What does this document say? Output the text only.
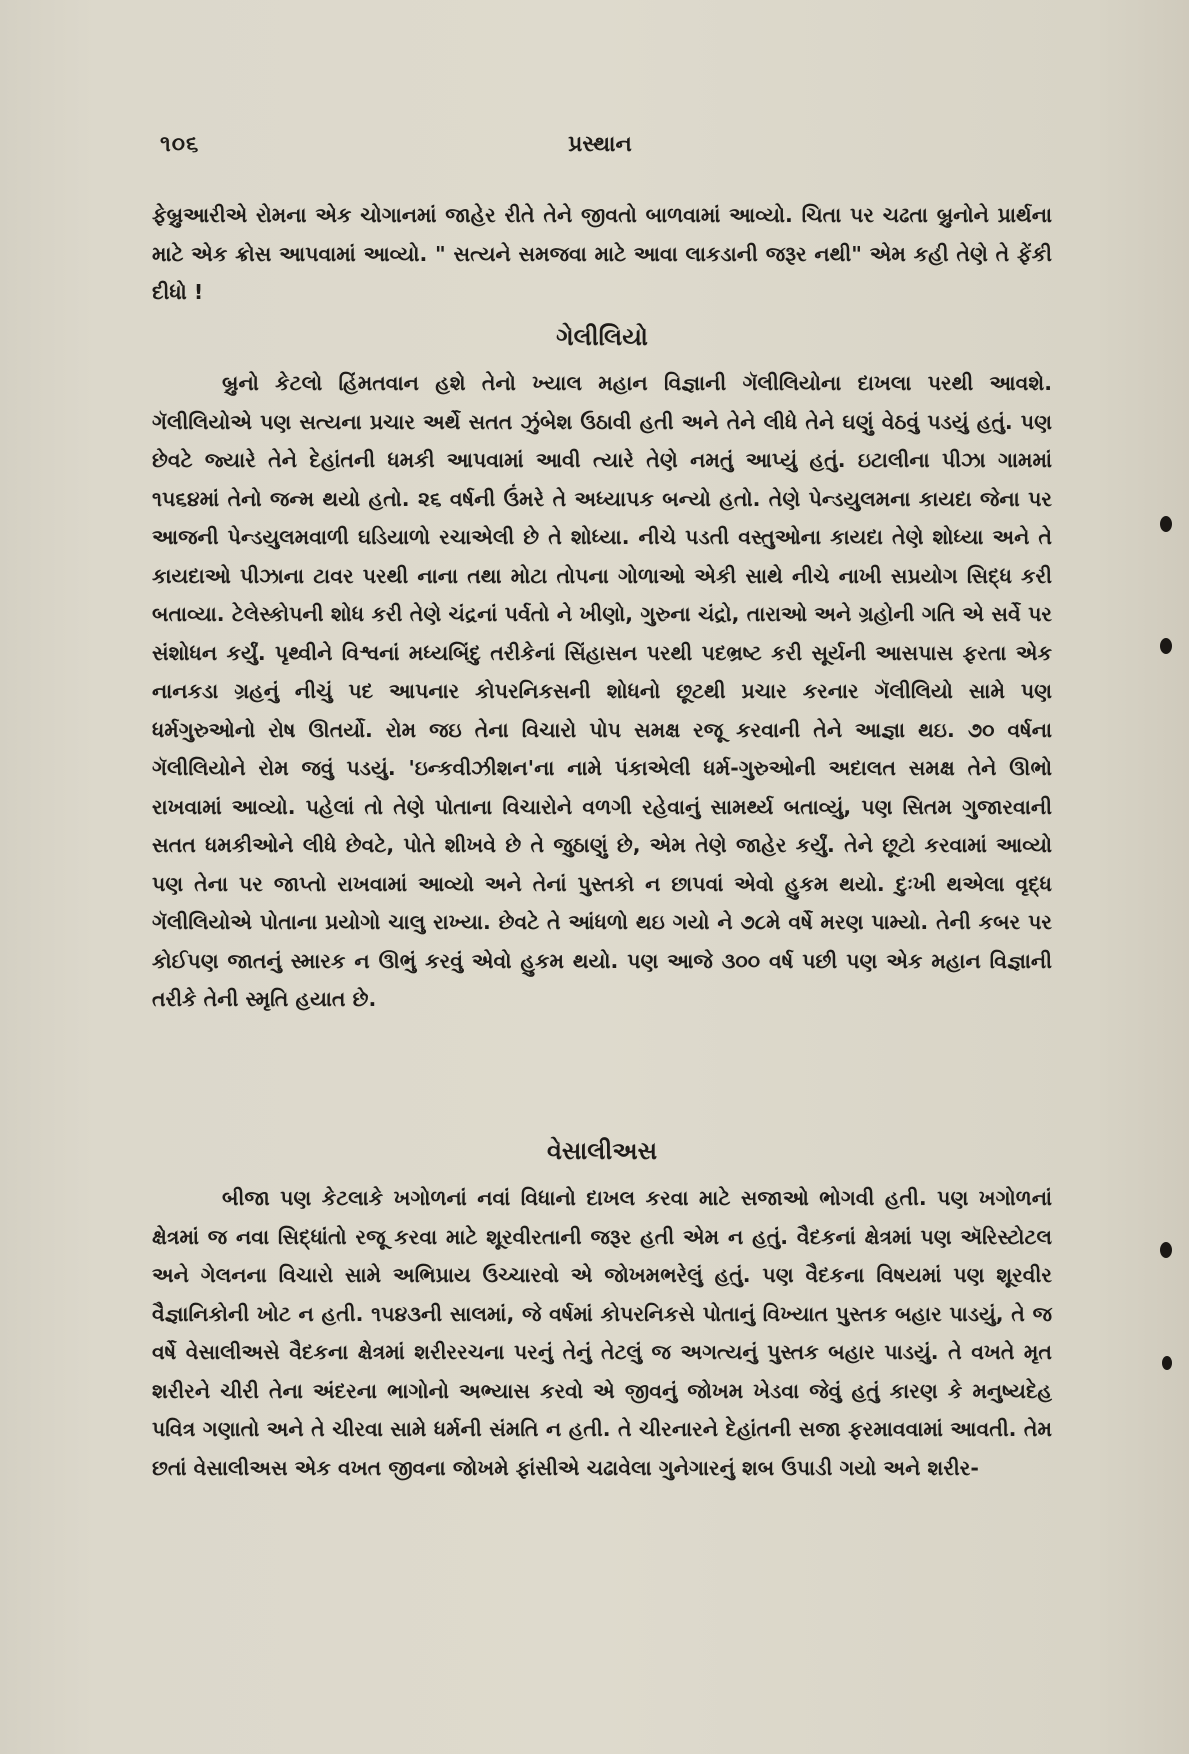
૧૦૬	પ્રસ્થાન

ફેબ્રુઆરીએ રોમના એક ચોગાનમાં જાહેર રીતે તેને જીવતો બાળવામાં આવ્યો. ચિતા પર ચઢતા બ્રુનોને પ્રાર્થના માટે એક ક્રોસ આપવામાં આવ્યો. " સત્યને સમજવા માટે આવા લાકડાની જરૂર નથી" એમ કહી તેણે તે ફેંકી દીધો !

ગેલીલિયો

બ્રુનો કેટલો હિંમતવાન હશે તેનો ખ્યાલ મહાન વિજ્ઞાની ગૅલીલિયોના દાખલા પરથી આવશે. ગૅલીલિયોએ પણ સત્યના પ્રચાર અર્થે સતત ઝુંબેશ ઉઠાવી હતી અને તેને લીધે તેને ઘણું વેઠવું પડયું હતું. પણ છેવટે જ્યારે તેને દેહાંતની ધમકી આપવામાં આવી ત્યારે તેણે નમતું આપ્યું હતું. ઇટાલીના પીઝા ગામમાં ૧૫૬૪માં તેનો જન્મ થયો હતો. ૨૬ વર્ષની ઉંમરે તે અધ્યાપક બન્યો હતો. તેણે પેન્ડયુલમના કાયદા જેના પર આજની પેન્ડયુલમવાળી ઘડિયાળો રચાએલી છે તે શોધ્યા. નીચે પડતી વસ્તુઓના કાયદા તેણે શોધ્યા અને તે કાયદાઓ પીઝાના ટાવર પરથી નાના તથા મોટા તોપના ગોળાઓ એકી સાથે નીચે નાખી સપ્રયોગ સિદ્ધ કરી બતાવ્યા. ટેલેસ્કોપની શોધ કરી તેણે ચંદ્રનાં પર્વતો ને ખીણો, ગુરુના ચંદ્રો, તારાઓ અને ગ્રહોની ગતિ એ સર્વે પર સંશોધન કર્યું. પૃથ્વીને વિશ્વનાં મધ્યબિંદુ તરીકેનાં સિંહાસન પરથી પદભ્રષ્ટ કરી સૂર્યની આસપાસ ફરતા એક નાનકડા ગ્રહનું નીચું પદ આપનાર કોપરનિકસની શોધનો છૂટથી પ્રચાર કરનાર ગૅલીલિયો સામે પણ ધર્મગુરુઓનો રોષ ઊતર્યો. રોમ જઇ તેના વિચારો પોપ સમક્ષ રજૂ કરવાની તેને આજ્ઞા થઇ. ૭૦ વર્ષના ગૅલીલિયોને રોમ જવું પડયું. 'ઇન્કવીઝીશન'ના નામે પંકાએલી ધર્મ-ગુરુઓની અદાલત સમક્ષ તેને ઊભો રાખવામાં આવ્યો. પહેલાં તો તેણે પોતાના વિચારોને વળગી રહેવાનું સામર્થ્ય બતાવ્યું, પણ સિતમ ગુજારવાની સતત ધમકીઓને લીધે છેવટે, પોતે શીખવે છે તે જુઠાણું છે, એમ તેણે જાહેર કર્યું. તેને છૂટો કરવામાં આવ્યો પણ તેના પર જાપ્તો રાખવામાં આવ્યો અને તેનાં પુસ્તકો ન છાપવાં એવો હુકમ થયો. દુઃખી થએલા વૃદ્ધ ગૅલીલિયોએ પોતાના પ્રયોગો ચાલુ રાખ્યા. છેવટે તે આંધળો થઇ ગયો ને ૭૮મે વર્ષે મરણ પામ્યો. તેની કબર પર કોઈપણ જાતનું સ્મારક ન ઊભું કરવું એવો હુકમ થયો. પણ આજે ૩૦૦ વર્ષ પછી પણ એક મહાન વિજ્ઞાની તરીકે તેની સ્મૃતિ હયાત છે.

વેસાલીઅસ

બીજા પણ કેટલાકે ખગોળનાં નવાં વિધાનો દાખલ કરવા માટે સજાઓ ભોગવી હતી. પણ ખગોળનાં ક્ષેત્રમાં જ નવા સિદ્ધાંતો રજૂ કરવા માટે શૂરવીરતાની જરૂર હતી એમ ન હતું. વૈદકનાં ક્ષેત્રમાં પણ ઍરિસ્ટોટલ અને ગેલનના વિચારો સામે અભિપ્રાય ઉચ્ચારવો એ જોખમભરેલું હતું. પણ વૈદકના વિષયમાં પણ શૂરવીર વૈજ્ઞાનિકોની ખોટ ન હતી. ૧૫૪૩ની સાલમાં, જે વર્ષમાં કોપરનિકસે પોતાનું વિખ્યાત પુસ્તક બહાર પાડયું, તે જ વર્ષે વેસાલીઅસે વૈદકના ક્ષેત્રમાં શરીરરચના પરનું તેનું તેટલું જ અગત્યનું પુસ્તક બહાર પાડયું. તે વખતે મૃત શરીરને ચીરી તેના અંદરના ભાગોનો અભ્યાસ કરવો એ જીવનું જોખમ ખેડવા જેવું હતું કારણ કે મનુષ્યદેહ પવિત્ર ગણાતો અને તે ચીરવા સામે ધર્મની સંમતિ ન હતી. તે ચીરનારને દેહાંતની સજા ફરમાવવામાં આવતી. તેમ છતાં વેસાલીઅસ એક વખત જીવના જોખમે ફાંસીએ ચઢાવેલા ગુનેગારનું શબ ઉપાડી ગયો અને શરીર-
